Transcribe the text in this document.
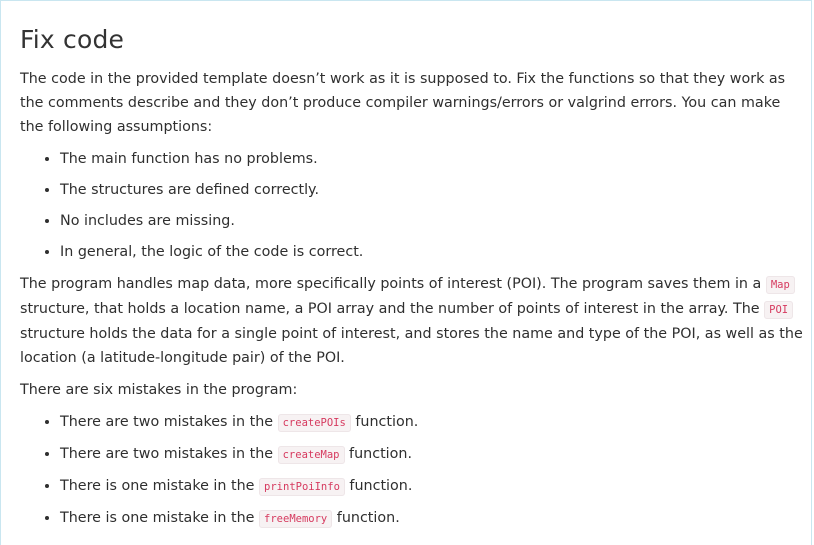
Fix code

The code in the provided template doesn’t work as it is supposed to. Fix the functions so that they work as the comments describe and they don’t produce compiler warnings/errors or valgrind errors. You can make the following assumptions:

• The main function has no problems.
• The structures are defined correctly.
• No includes are missing.
• In general, the logic of the code is correct.

The program handles map data, more specifically points of interest (POI). The program saves them in a Map structure, that holds a location name, a POI array and the number of points of interest in the array. The POI structure holds the data for a single point of interest, and stores the name and type of the POI, as well as the location (a latitude-longitude pair) of the POI.

There are six mistakes in the program:

• There are two mistakes in the createPOIs function.
• There are two mistakes in the createMap function.
• There is one mistake in the printPoiInfo function.
• There is one mistake in the freeMemory function.
